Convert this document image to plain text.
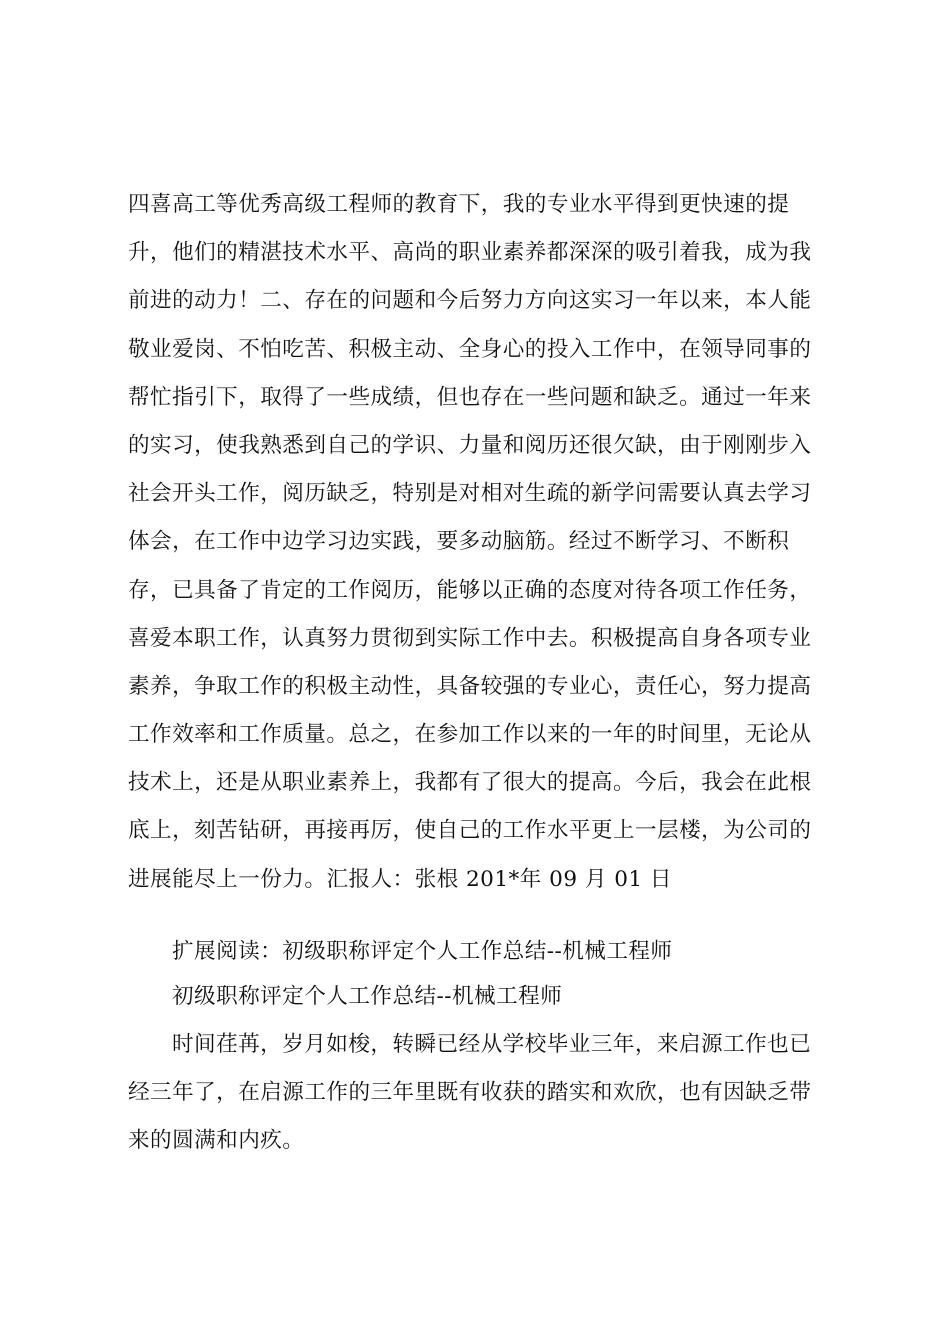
四喜高工等优秀高级工程师的教育下，我的专业水平得到更快速的提
升，他们的精湛技术水平、高尚的职业素养都深深的吸引着我，成为我
前进的动力！二、存在的问题和今后努力方向这实习一年以来，本人能
敬业爱岗、不怕吃苦、积极主动、全身心的投入工作中，在领导同事的
帮忙指引下，取得了一些成绩，但也存在一些问题和缺乏。通过一年来
的实习，使我熟悉到自己的学识、力量和阅历还很欠缺，由于刚刚步入
社会开头工作，阅历缺乏，特别是对相对生疏的新学问需要认真去学习
体会，在工作中边学习边实践，要多动脑筋。经过不断学习、不断积
存，已具备了肯定的工作阅历，能够以正确的态度对待各项工作任务，
喜爱本职工作，认真努力贯彻到实际工作中去。积极提高自身各项专业
素养，争取工作的积极主动性，具备较强的专业心，责任心，努力提高
工作效率和工作质量。总之，在参加工作以来的一年的时间里，无论从
技术上，还是从职业素养上，我都有了很大的提高。今后，我会在此根
底上，刻苦钻研，再接再厉，使自己的工作水平更上一层楼，为公司的
进展能尽上一份力。汇报人：张根 201*年 09 月 01 日
扩展阅读：初级职称评定个人工作总结--机械工程师
初级职称评定个人工作总结--机械工程师
时间荏苒，岁月如梭，转瞬已经从学校毕业三年，来启源工作也已
经三年了，在启源工作的三年里既有收获的踏实和欢欣，也有因缺乏带
来的圆满和内疚。
